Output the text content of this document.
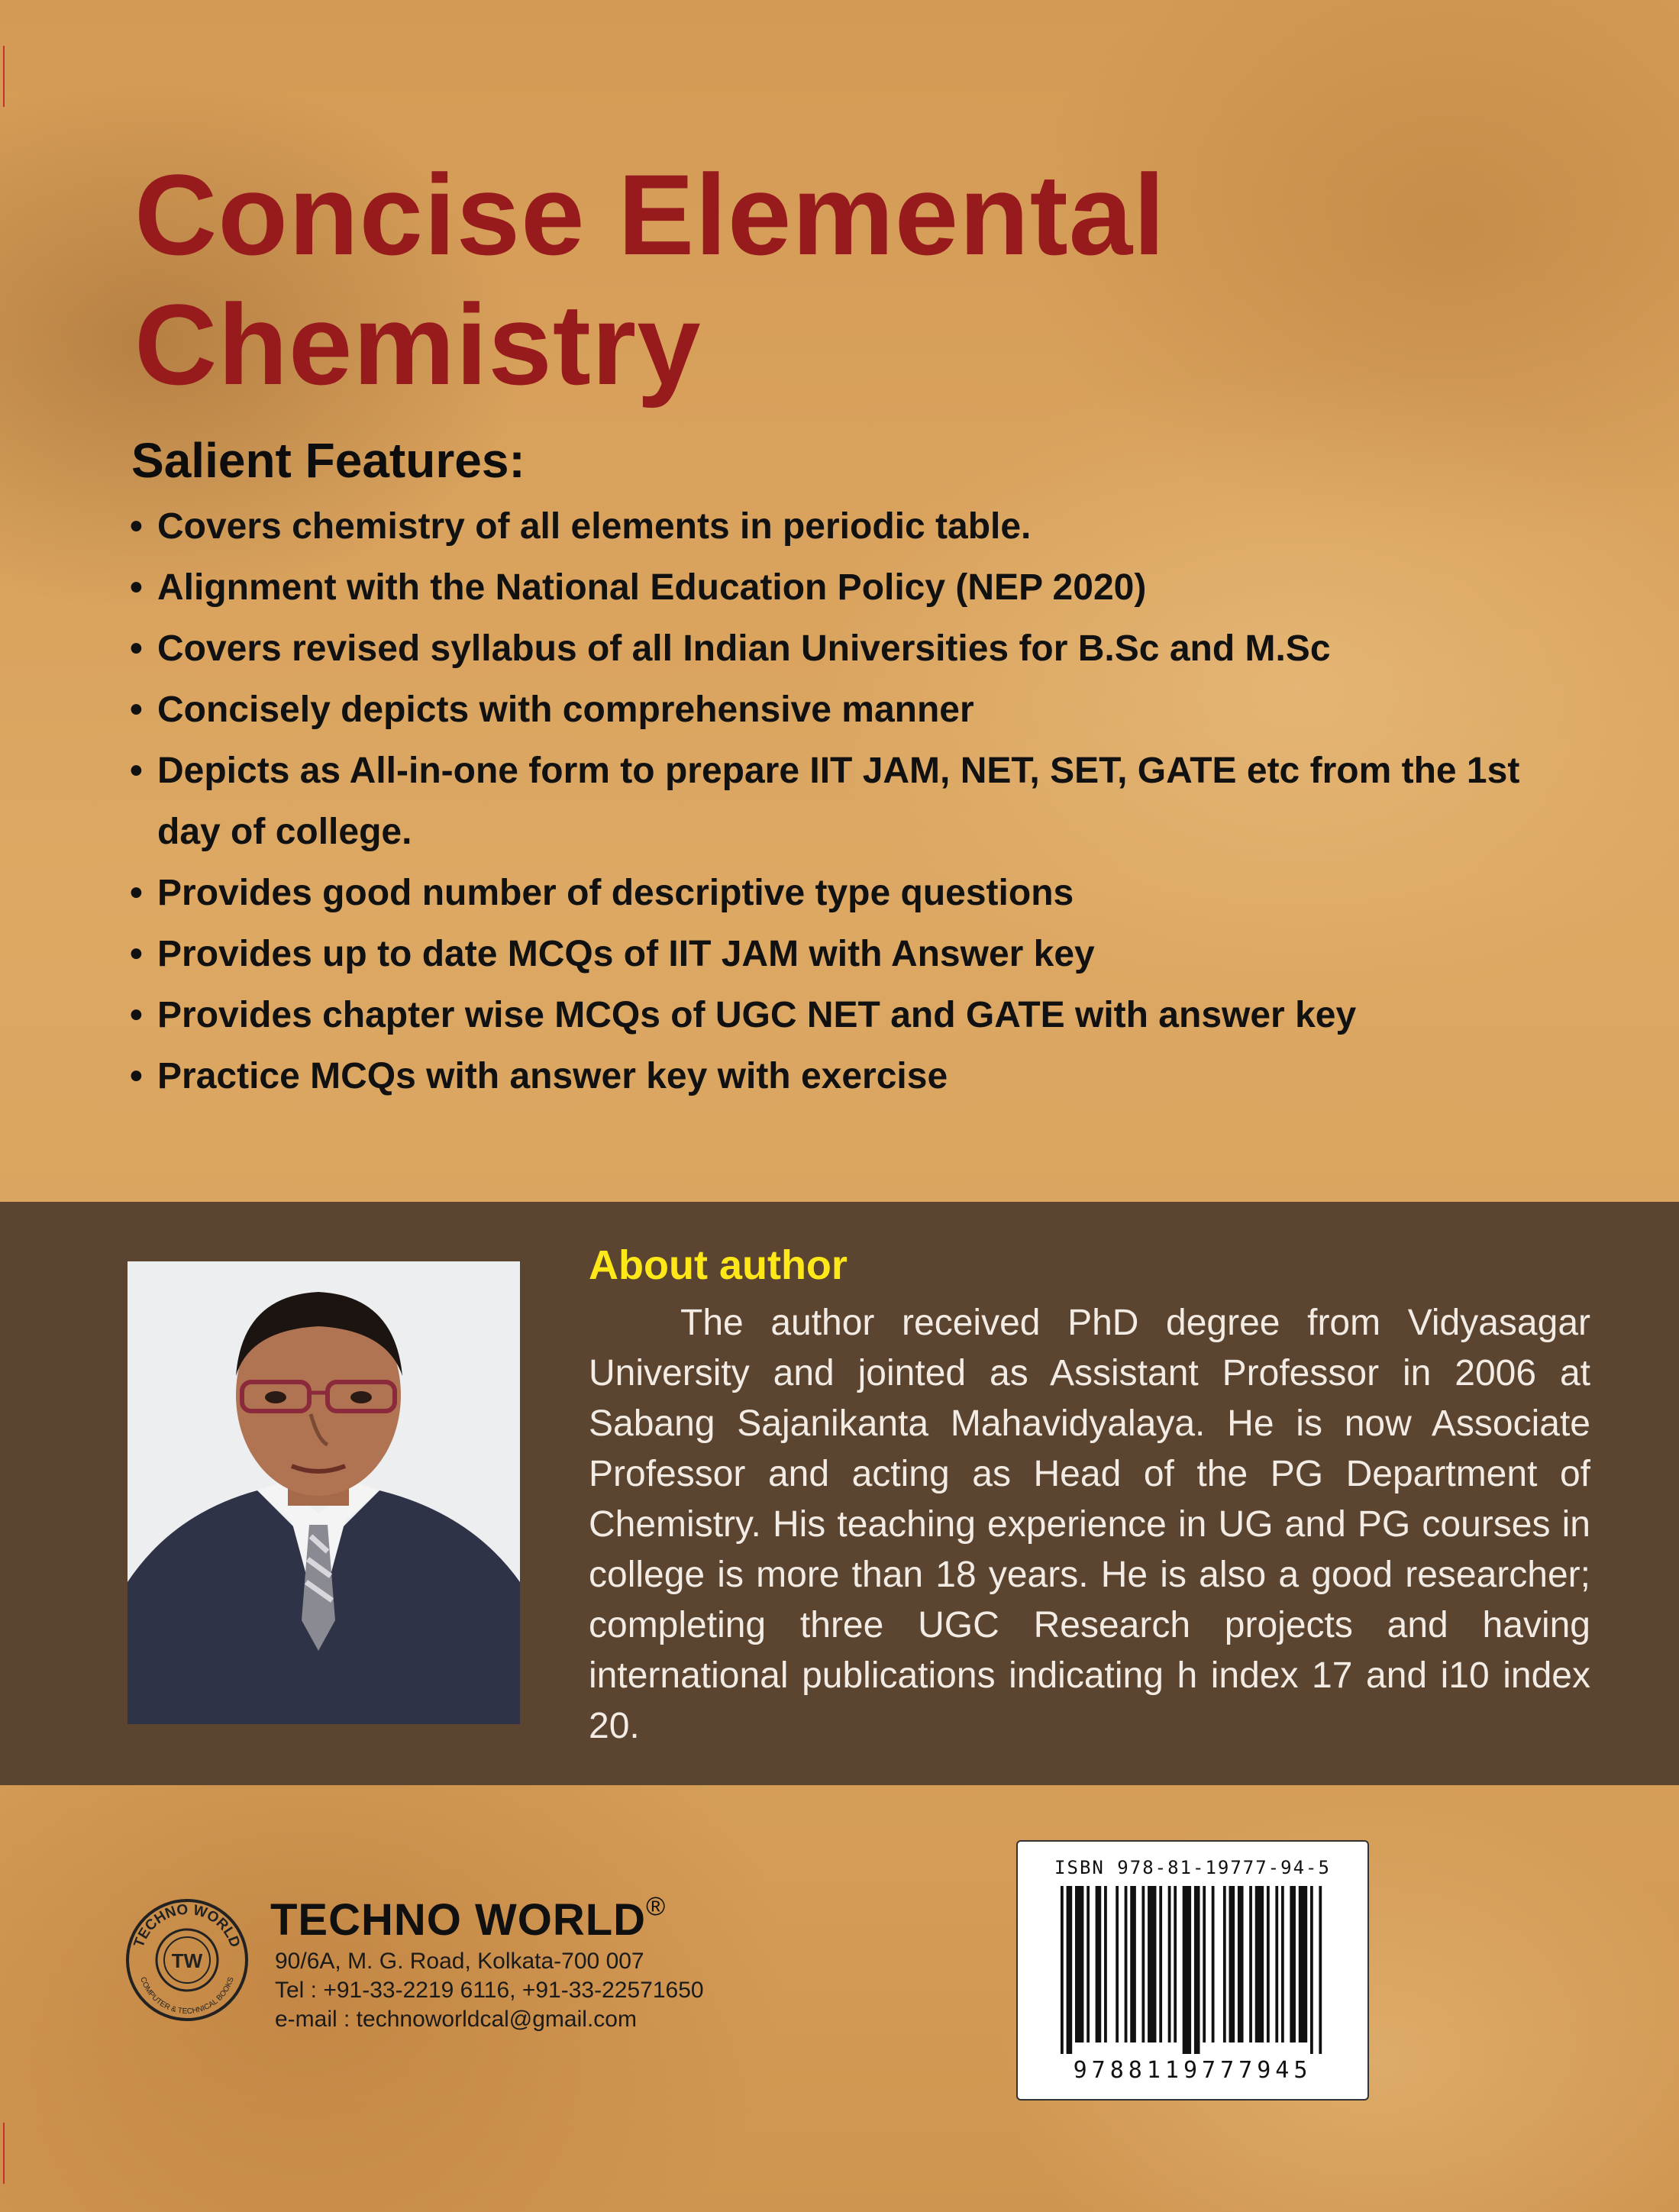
Concise Elemental
Chemistry
Salient Features:
• Covers chemistry of all elements in periodic table.
• Alignment with the National Education Policy (NEP 2020)
• Covers revised syllabus of all Indian Universities for B.Sc and M.Sc
• Concisely depicts with comprehensive manner
• Depicts as All-in-one form to prepare IIT JAM, NET, SET, GATE etc from the 1st day of college.
• Provides good number of descriptive type questions
• Provides up to date MCQs of IIT JAM with Answer key
• Provides chapter wise MCQs of UGC NET and GATE with answer key
• Practice MCQs with answer key with exercise
About author

The author received PhD degree from Vidyasagar University and jointed as Assistant Professor in 2006 at Sabang Sajanikanta Mahavidyalaya. He is now Associate Professor and acting as Head of the PG Department of Chemistry. His teaching experience in UG and PG courses in college is more than 18 years. He is also a good researcher; completing three UGC Research projects and having international publications indicating h index 17 and i10 index 20.

TECHNO WORLD
COMPUTER & TECHNICAL BOOKS
TW
TECHNO WORLD®
90/6A, M. G. Road, Kolkata-700 007
Tel : +91-33-2219 6116, +91-33-22571650
e-mail : technoworldcal@gmail.com
ISBN 978-81-19777-94-5
9788119777945
